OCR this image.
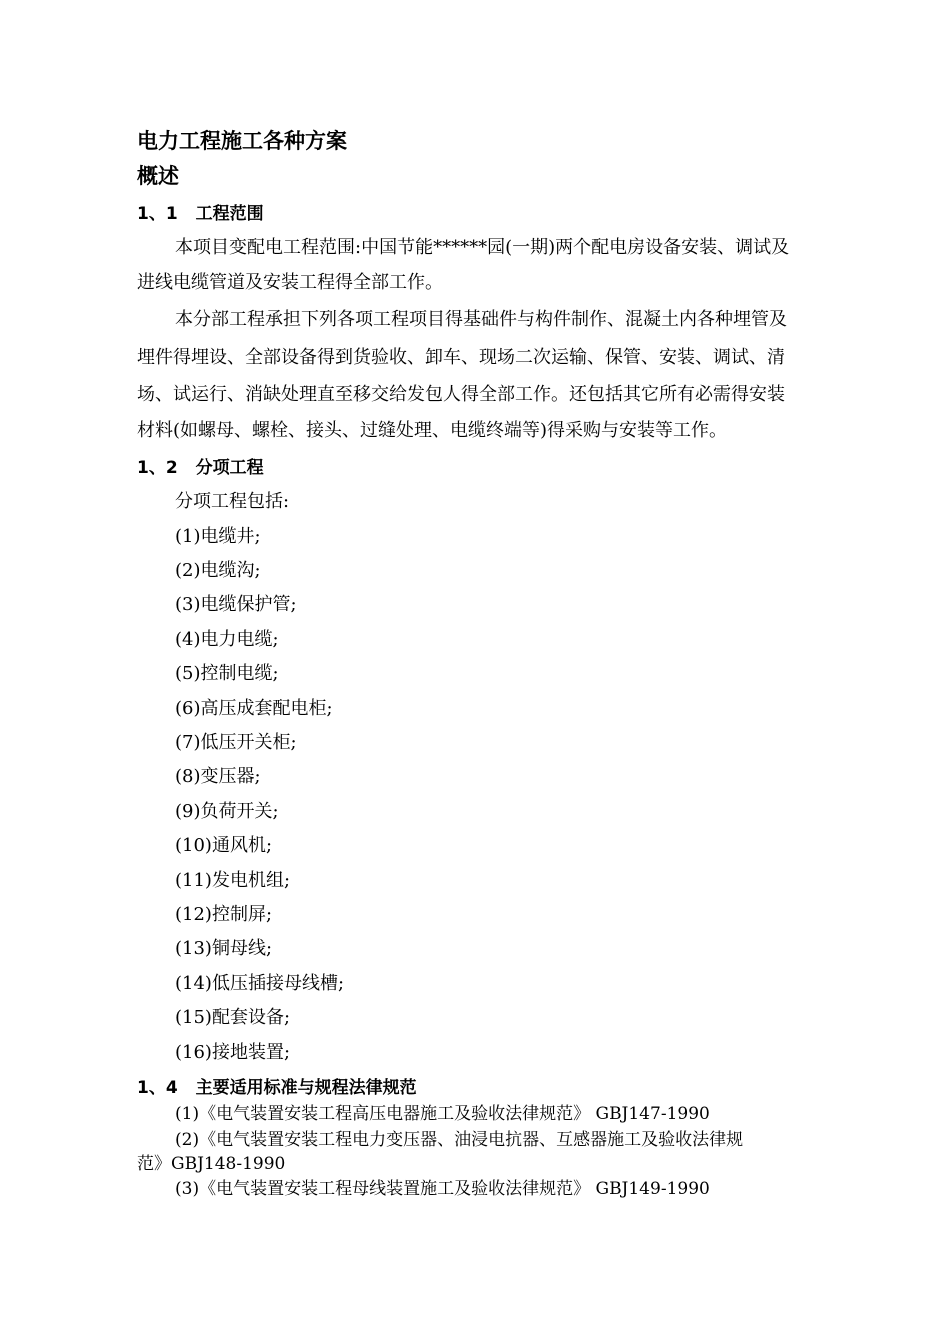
电力工程施工各种方案
概述
1、1 工程范围
本项目变配电工程范围:中国节能******园(一期)两个配电房设备安装、调试及
进线电缆管道及安装工程得全部工作。
本分部工程承担下列各项工程项目得基础件与构件制作、混凝土内各种埋管及
埋件得埋设、全部设备得到货验收、卸车、现场二次运输、保管、安装、调试、清
场、试运行、消缺处理直至移交给发包人得全部工作。还包括其它所有必需得安装
材料(如螺母、螺栓、接头、过缝处理、电缆终端等)得采购与安装等工作。
1、2 分项工程
分项工程包括:
(1)电缆井;
(2)电缆沟;
(3)电缆保护管;
(4)电力电缆;
(5)控制电缆;
(6)高压成套配电柜;
(7)低压开关柜;
(8)变压器;
(9)负荷开关;
(10)通风机;
(11)发电机组;
(12)控制屏;
(13)铜母线;
(14)低压插接母线槽;
(15)配套设备;
(16)接地装置;
1、4 主要适用标准与规程法律规范
(1)《电气装置安装工程高压电器施工及验收法律规范》 GBJ147-1990
(2)《电气装置安装工程电力变压器、油浸电抗器、互感器施工及验收法律规
范》GBJ148-1990
(3)《电气装置安装工程母线装置施工及验收法律规范》 GBJ149-1990
